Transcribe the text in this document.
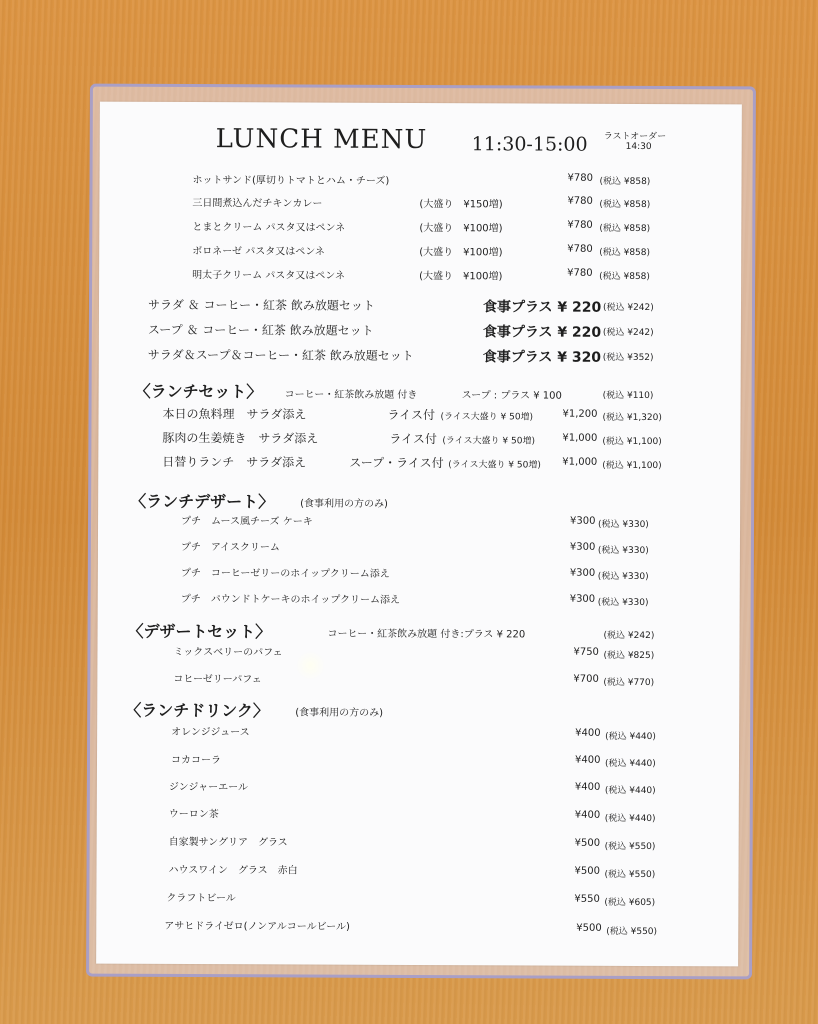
LUNCH MENU 11:30-15:00 ラストオーダー
14:30
ホットサンド(厚切りトマトとハム・チーズ)	¥780 (税込 ¥858)
三日間煮込んだチキンカレー	(大盛り　¥150増)	¥780 (税込 ¥858)
とまとクリーム パスタ又はペンネ	(大盛り　¥100増)	¥780 (税込 ¥858)
ボロネーゼ パスタ又はペンネ	(大盛り　¥100増)	¥780 (税込 ¥858)
明太子クリーム パスタ又はペンネ	(大盛り　¥100増)	¥780 (税込 ¥858)
サラダ ＆ コーヒー・紅茶 飲み放題セット	食事プラス ¥ 220 (税込 ¥242)
スープ ＆ コーヒー・紅茶 飲み放題セット	食事プラス ¥ 220 (税込 ¥242)
サラダ＆スープ＆コーヒー・紅茶 飲み放題セット	食事プラス ¥ 320 (税込 ¥352)
〈ランチセット〉 コーヒー・紅茶飲み放題 付き	スープ : プラス ¥ 100	(税込 ¥110)
本日の魚料理　サラダ添え	ライス付 (ライス大盛り ¥ 50増)	¥1,200 (税込 ¥1,320)
豚肉の生姜焼き　サラダ添え	ライス付 (ライス大盛り ¥ 50増)	¥1,000 (税込 ¥1,100)
日替りランチ　サラダ添え	スープ・ライス付 (ライス大盛り ¥ 50増) ¥1,000 (税込 ¥1,100)
〈ランチデザート〉	(食事利用の方のみ)
プチ　ムース風チーズ ケーキ	¥300 (税込 ¥330)
プチ　アイスクリーム	¥300 (税込 ¥330)
プチ　コーヒーゼリーのホイップクリーム添え	¥300 (税込 ¥330)
プチ　パウンドトケーキのホイップクリーム添え	¥300 (税込 ¥330)
〈デザートセット〉	コーヒー・紅茶飲み放題 付き:プラス ¥ 220	(税込 ¥242)
ミックスベリーのパフェ	¥750 (税込 ¥825)
コヒーゼリーパフェ	¥700 (税込 ¥770)
〈ランチドリンク〉	(食事利用の方のみ)
オレンジジュース	¥400 (税込 ¥440)
コカコーラ	¥400 (税込 ¥440)
ジンジャーエール	¥400 (税込 ¥440)
ウーロン茶	¥400 (税込 ¥440)
自家製サングリア　グラス	¥500 (税込 ¥550)
ハウスワイン　グラス　赤白	¥500 (税込 ¥550)
クラフトビール	¥550 (税込 ¥605)
アサヒドライゼロ(ノンアルコールビール)	¥500 (税込 ¥550)
